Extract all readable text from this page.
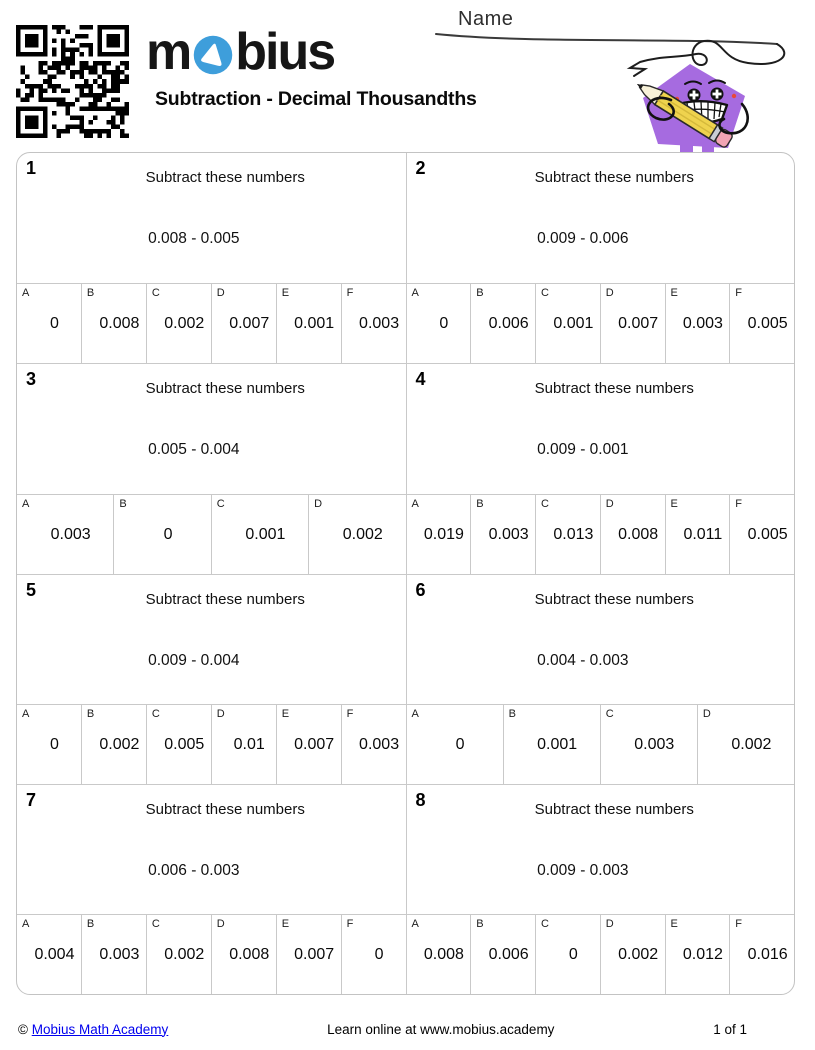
m bius
Subtraction - Decimal Thousandths
Name
1	Subtract these numbers
0.008 - 0.005
A
0
B
0.008
C
0.002
D
0.007
E
0.001
F
0.003
2	Subtract these numbers
0.009 - 0.006
A
0
B
0.006
C
0.001
D
0.007
E
0.003
F
0.005
3	Subtract these numbers
0.005 - 0.004
A
0.003
B
0
C
0.001
D
0.002
4	Subtract these numbers
0.009 - 0.001
A
0.019
B
0.003
C
0.013
D
0.008
E
0.011
F
0.005
5	Subtract these numbers
0.009 - 0.004
A
0
B
0.002
C
0.005
D
0.01
E
0.007
F
0.003
6	Subtract these numbers
0.004 - 0.003
A
0
B
0.001
C
0.003
D
0.002
7	Subtract these numbers
0.006 - 0.003
A
0.004
B
0.003
C
0.002
D
0.008
E
0.007
F
0
8	Subtract these numbers
0.009 - 0.003
A
0.008
B
0.006
C
0
D
0.002
E
0.012
F
0.016
© Mobius Math Academy	Learn online at www.mobius.academy	1 of 1
